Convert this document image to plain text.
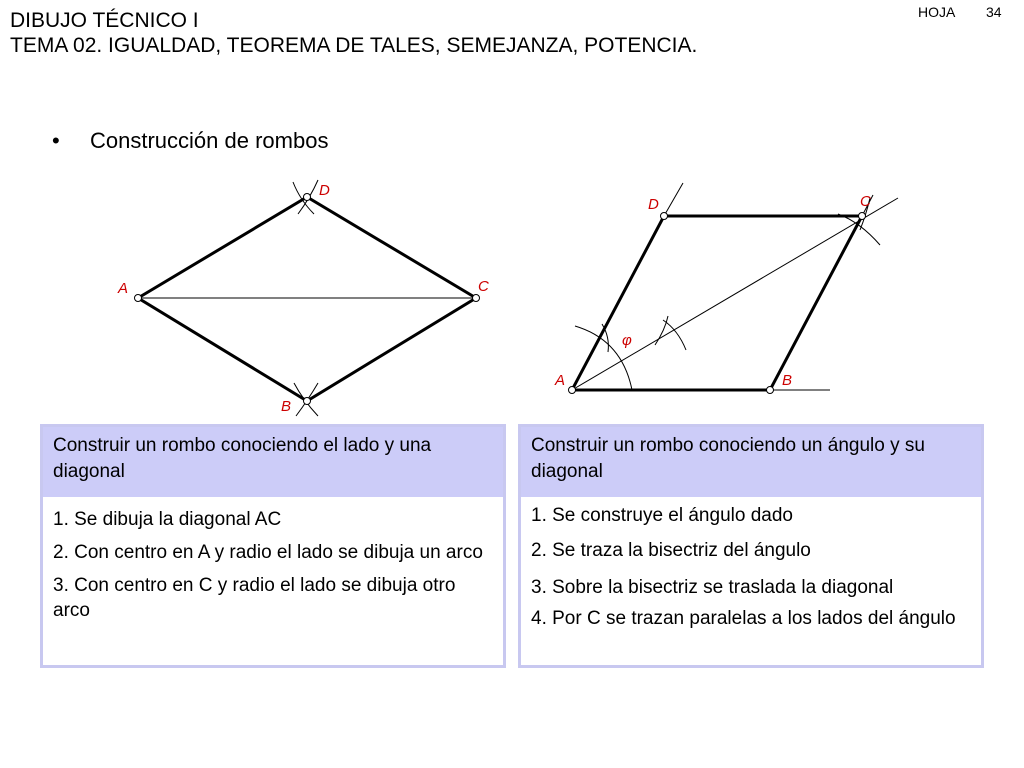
DIBUJO TÉCNICO I
TEMA 02. IGUALDAD, TEOREMA DE TALES, SEMEJANZA, POTENCIA.
HOJA 34
• Construcción de rombos
A	C
D
B
A	B
C
D
φ
Construir un rombo conociendo el lado y una diagonal
1. Se dibuja la diagonal AC
2. Con centro en A y radio el lado se dibuja un arco
3. Con centro en C y radio el lado se dibuja otro arco
Construir un rombo conociendo un ángulo y su diagonal
1. Se construye el ángulo dado
2. Se traza la bisectriz del ángulo
3. Sobre la bisectriz se traslada la diagonal
4. Por C se trazan paralelas a los lados del ángulo
